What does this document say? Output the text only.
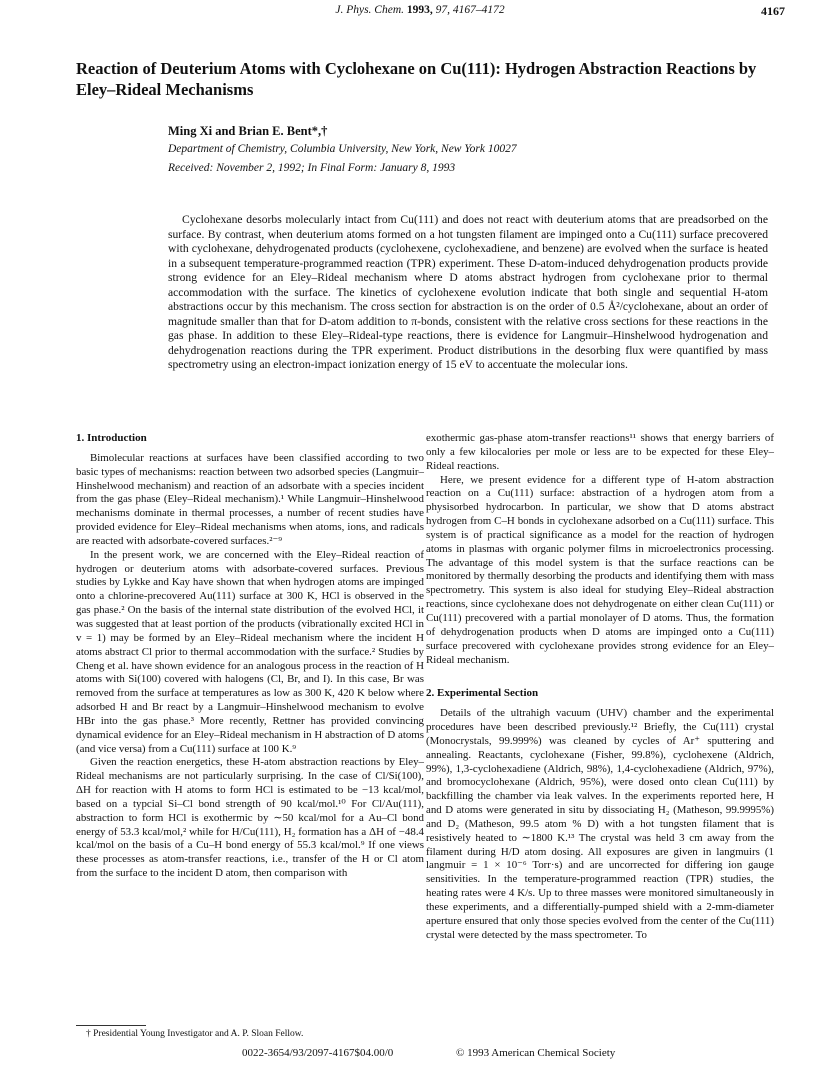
J. Phys. Chem. 1993, 97, 4167–4172	4167
Reaction of Deuterium Atoms with Cyclohexane on Cu(111): Hydrogen Abstraction Reactions by Eley–Rideal Mechanisms
Ming Xi and Brian E. Bent*,†
Department of Chemistry, Columbia University, New York, New York 10027
Received: November 2, 1992; In Final Form: January 8, 1993

Cyclohexane desorbs molecularly intact from Cu(111) and does not react with deuterium atoms that are preadsorbed on the surface. By contrast, when deuterium atoms formed on a hot tungsten filament are impinged onto a Cu(111) surface precovered with cyclohexane, dehydrogenated products (cyclohexene, cyclohexadiene, and benzene) are evolved when the surface is heated in a subsequent temperature-programmed reaction (TPR) experiment. These D-atom-induced dehydrogenation products provide strong evidence for an Eley–Rideal mechanism where D atoms abstract hydrogen from cyclohexane prior to thermal accommodation with the surface. The kinetics of cyclohexene evolution indicate that both single and sequential H-atom abstractions occur by this mechanism. The cross section for abstraction is on the order of 0.5 Å²/cyclohexane, about an order of magnitude smaller than that for D-atom addition to π-bonds, consistent with the relative cross sections for these reactions in the gas phase. In addition to these Eley–Rideal-type reactions, there is evidence for Langmuir–Hinshelwood hydrogenation and dehydrogenation reactions during the TPR experiment. Product distributions in the desorbing flux were quantified by mass spectrometry using an electron-impact ionization energy of 15 eV to accentuate the molecular ions.

1. Introduction

Bimolecular reactions at surfaces have been classified according to two basic types of mechanisms: reaction between two adsorbed species (Langmuir–Hinshelwood mechanism) and reaction of an adsorbate with a species incident from the gas phase (Eley–Rideal mechanism).¹ While Langmuir–Hinshelwood mechanisms dominate in thermal processes, a number of recent studies have provided evidence for Eley–Rideal mechanisms when atoms, ions, and radicals are reacted with adsorbate-covered surfaces.²⁻⁹

In the present work, we are concerned with the Eley–Rideal reaction of hydrogen or deuterium atoms with adsorbate-covered surfaces. Previous studies by Lykke and Kay have shown that when hydrogen atoms are impinged onto a chlorine-precovered Au(111) surface at 300 K, HCl is observed in the gas phase.² On the basis of the internal state distribution of the evolved HCl, it was suggested that at least portion of the products (vibrationally excited HCl in v = 1) may be formed by an Eley–Rideal mechanism where the incident H atoms abstract Cl prior to thermal accommodation with the surface.² Studies by Cheng et al. have shown evidence for an analogous process in the reaction of H atoms with Si(100) covered with halogens (Cl, Br, and I). In this case, Br was removed from the surface at temperatures as low as 300 K, 420 K below where adsorbed H and Br react by a Langmuir–Hinshelwood mechanism to evolve HBr into the gas phase.³ More recently, Rettner has provided convincing dynamical evidence for an Eley–Rideal mechanism in H abstraction of D atoms (and vice versa) from a Cu(111) surface at 100 K.⁹

Given the reaction energetics, these H-atom abstraction reactions by Eley–Rideal mechanisms are not particularly surprising. In the case of Cl/Si(100), ΔH for reaction with H atoms to form HCl is estimated to be −13 kcal/mol, based on a typcial Si–Cl bond strength of 90 kcal/mol.¹⁰ For Cl/Au(111), abstraction to form HCl is exothermic by ∼50 kcal/mol for a Au–Cl bond energy of 53.3 kcal/mol,² while for H/Cu(111), H₂ formation has a ΔH of −48.4 kcal/mol on the basis of a Cu–H bond energy of 55.3 kcal/mol.⁹ If one views these processes as atom-transfer reactions, i.e., transfer of the H or Cl atom from the surface to the incident D atom, then comparison with

exothermic gas-phase atom-transfer reactions¹¹ shows that energy barriers of only a few kilocalories per mole or less are to be expected for these Eley–Rideal reactions.

Here, we present evidence for a different type of H-atom abstraction reaction on a Cu(111) surface: abstraction of a hydrogen atom from a physisorbed hydrocarbon. In particular, we show that D atoms abstract hydrogen from C–H bonds in cyclohexane adsorbed on a Cu(111) surface. This system is of practical significance as a model for the reaction of hydrogen atoms in plasmas with organic polymer films in microelectronics processing. The advantage of this model system is that the surface reactions can be monitored by thermally desorbing the products and identifying them with mass spectrometry. This system is also ideal for studying Eley–Rideal abstraction reactions, since cyclohexane does not dehydrogenate on either clean Cu(111) or Cu(111) precovered with a partial monolayer of D atoms. Thus, the formation of dehydrogenation products when D atoms are impinged onto a Cu(111) surface precovered with cyclohexane provides strong evidence for an Eley–Rideal mechanism.

2. Experimental Section

Details of the ultrahigh vacuum (UHV) chamber and the experimental procedures have been described previously.¹² Briefly, the Cu(111) crystal (Monocrystals, 99.999%) was cleaned by cycles of Ar⁺ sputtering and annealing. Reactants, cyclohexane (Fisher, 99.8%), cyclohexene (Aldrich, 99%), 1,3-cyclohexadiene (Aldrich, 98%), 1,4-cyclohexadiene (Aldrich, 97%), and bromocyclohexane (Aldrich, 95%), were dosed onto clean Cu(111) by backfilling the chamber via leak valves. In the experiments reported here, H and D atoms were generated in situ by dissociating H₂ (Matheson, 99.9995%) and D₂ (Matheson, 99.5 atom % D) with a hot tungsten filament that is resistively heated to ∼1800 K.¹³ The crystal was held 3 cm away from the filament during H/D atom dosing. All exposures are given in langmuirs (1 langmuir = 1 × 10⁻⁶ Torr·s) and are uncorrected for differing ion gauge sensitivities. In the temperature-programmed reaction (TPR) studies, the heating rates were 4 K/s. Up to three masses were monitored simultaneously in these experiments, and a differentially-pumped shield with a 2-mm-diameter aperture ensured that only those species evolved from the center of the Cu(111) crystal were detected by the mass spectrometer. To

† Presidential Young Investigator and A. P. Sloan Fellow.
0022-3654/93/2097-4167$04.00/0	© 1993 American Chemical Society
